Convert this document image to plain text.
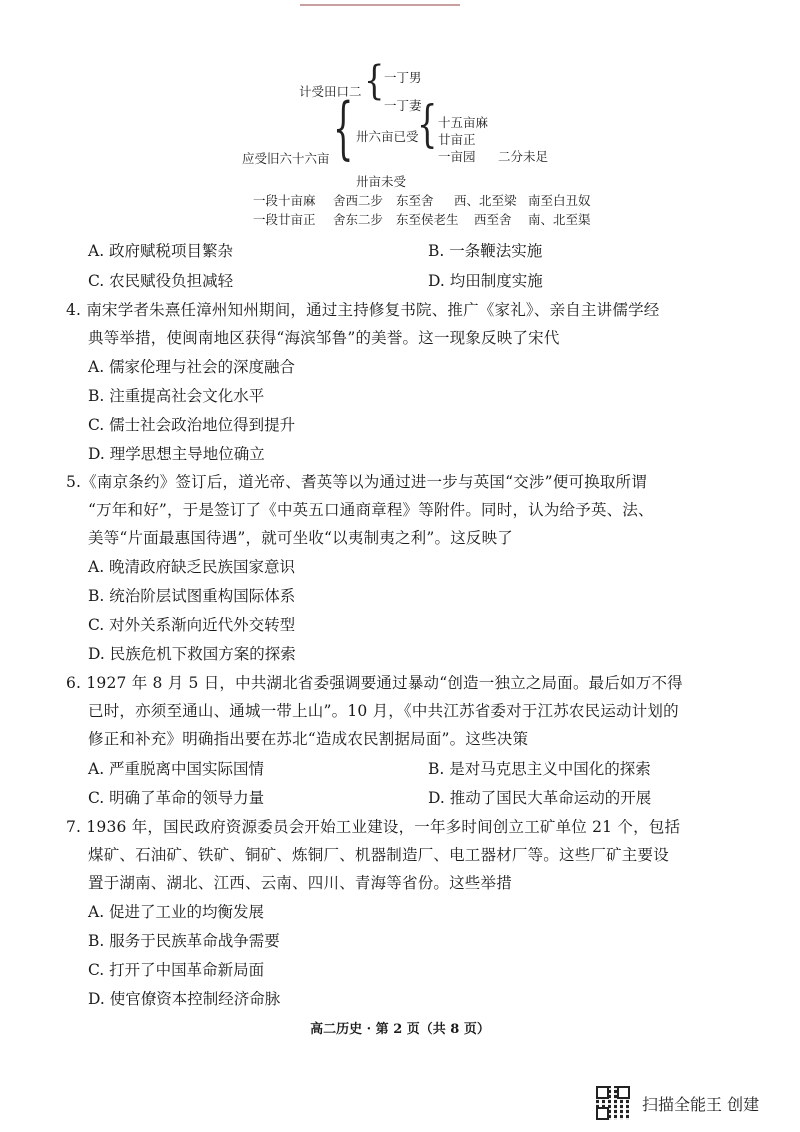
计受田口二 { 一丁男
一丁妻
应受旧六十六亩 { 卅六亩已受
{ 十五亩麻
廿亩正
一亩园 二分未足
卅亩未受
一段十亩麻 舍西二步 东至舍 西、北至梁 南至白丑奴
一段廿亩正 舍东二步 东至侯老生 西至舍 南、北至渠
A. 政府赋税项目繁杂	B. 一条鞭法实施
C. 农民赋役负担减轻	D. 均田制度实施
4. 南宋学者朱熹任漳州知州期间，通过主持修复书院、推广《家礼》、亲自主讲儒学经
典等举措，使闽南地区获得“海滨邹鲁”的美誉。这一现象反映了宋代
A. 儒家伦理与社会的深度融合
B. 注重提高社会文化水平
C. 儒士社会政治地位得到提升
D. 理学思想主导地位确立
5.《南京条约》签订后，道光帝、耆英等以为通过进一步与英国“交涉”便可换取所谓
“万年和好”，于是签订了《中英五口通商章程》等附件。同时，认为给予英、法、
美等“片面最惠国待遇”，就可坐收“以夷制夷之利”。这反映了
A. 晚清政府缺乏民族国家意识
B. 统治阶层试图重构国际体系
C. 对外关系渐向近代外交转型
D. 民族危机下救国方案的探索
6. 1927 年 8 月 5 日，中共湖北省委强调要通过暴动“创造一独立之局面。最后如万不得
已时，亦须至通山、通城一带上山”。10 月，《中共江苏省委对于江苏农民运动计划的
修正和补充》明确指出要在苏北“造成农民割据局面”。这些决策
A. 严重脱离中国实际国情	B. 是对马克思主义中国化的探索
C. 明确了革命的领导力量	D. 推动了国民大革命运动的开展
7. 1936 年，国民政府资源委员会开始工业建设，一年多时间创立工矿单位 21 个，包括
煤矿、石油矿、铁矿、铜矿、炼铜厂、机器制造厂、电工器材厂等。这些厂矿主要设
置于湖南、湖北、江西、云南、四川、青海等省份。这些举措
A. 促进了工业的均衡发展
B. 服务于民族革命战争需要
C. 打开了中国革命新局面
D. 使官僚资本控制经济命脉
高二历史 · 第 2 页（共 8 页）
扫描全能王 创建
